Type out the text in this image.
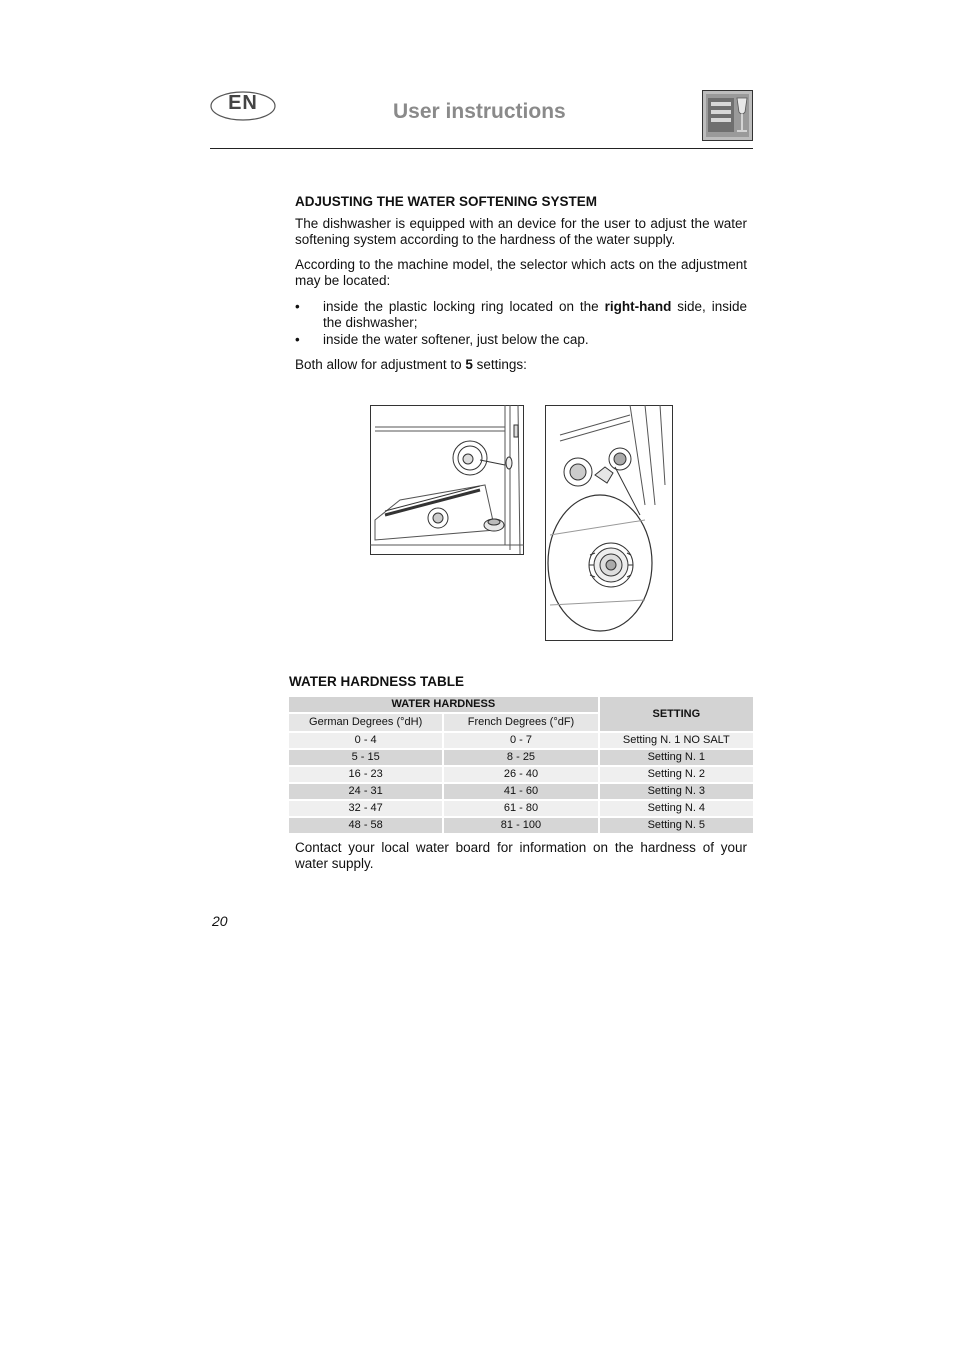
EN	User instructions
ADJUSTING THE WATER SOFTENING SYSTEM
The dishwasher is equipped with an device for the user to adjust the water softening system according to the hardness of the water supply.
According to the machine model, the selector which acts on the adjustment may be located:
• inside the plastic locking ring located on the right-hand side, inside the dishwasher;
• inside the water softener, just below the cap.
Both allow for adjustment to 5 settings:
WATER HARDNESS TABLE
WATER HARDNESS		SETTING
German Degrees (°dH)	French Degrees (°dF)	
0 - 4	0 - 7	Setting N. 1 NO SALT
5 - 15	8 - 25	Setting N. 1
16 - 23	26 - 40	Setting N. 2
24 - 31	41 - 60	Setting N. 3
32 - 47	61 - 80	Setting N. 4
48 - 58	81 - 100	Setting N. 5
Contact your local water board for information on the hardness of your water supply.
20
